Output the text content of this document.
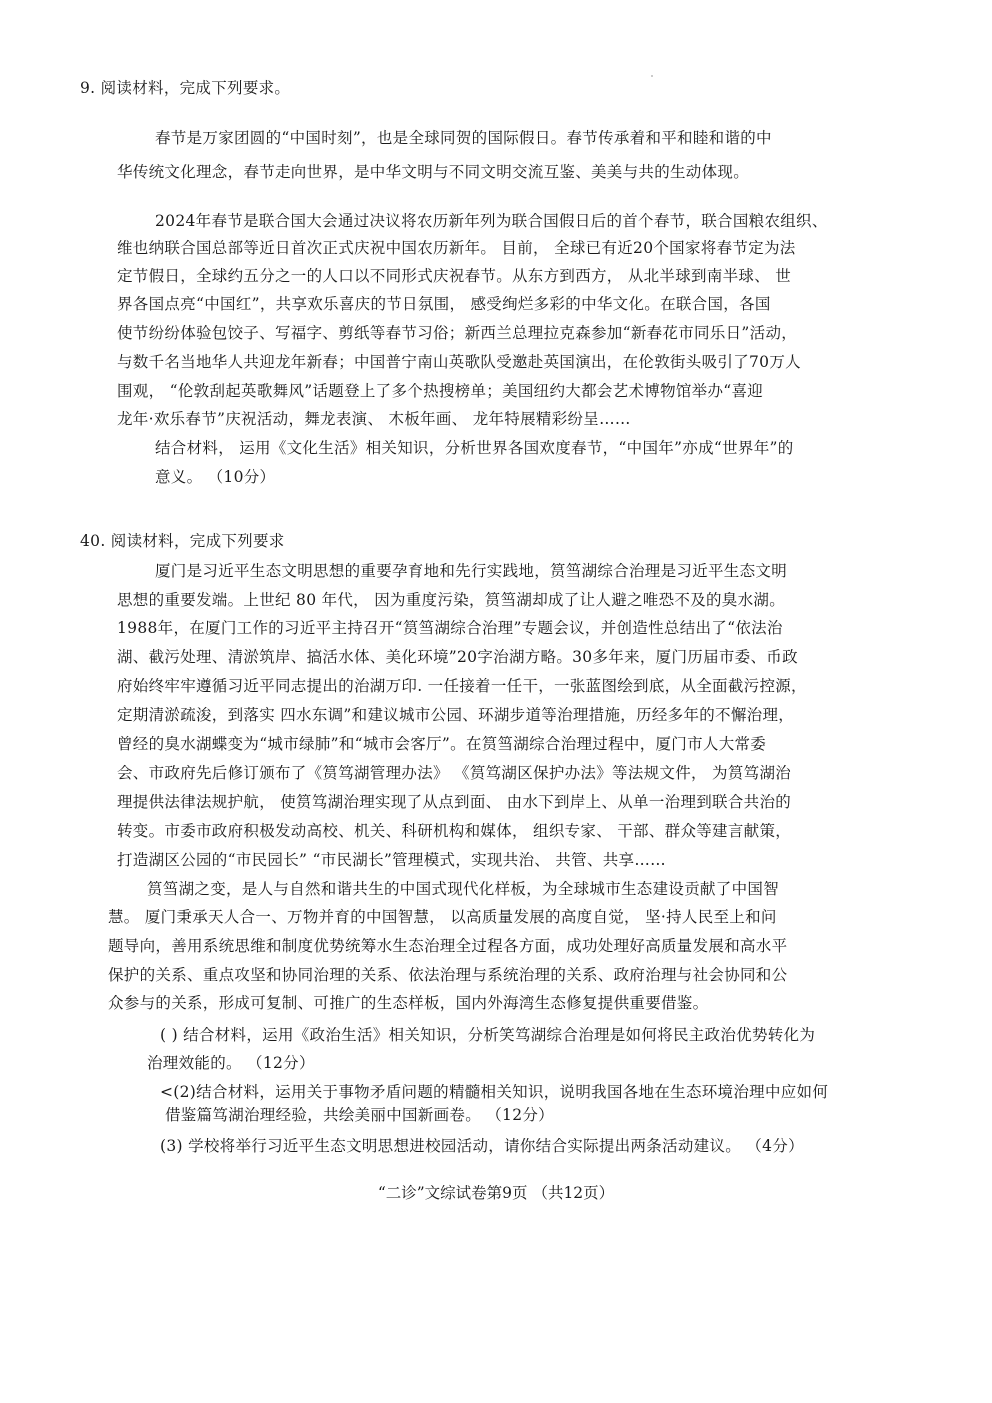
9. 阅读材料，完成下列要求。
春节是万家团圆的“中国时刻”，也是全球同贺的国际假日。春节传承着和平和睦和谐的中
华传统文化理念，春节走向世界，是中华文明与不同文明交流互鉴、美美与共的生动体现。
2024年春节是联合国大会通过决议将农历新年列为联合国假日后的首个春节，联合国粮农组织、
维也纳联合国总部等近日首次正式庆祝中国农历新年。 目前， 全球已有近20个国家将春节定为法
定节假日，全球约五分之一的人口以不同形式庆祝春节。从东方到西方， 从北半球到南半球、 世
界各国点亮“中国红”，共享欢乐喜庆的节日氛围， 感受绚烂多彩的中华文化。在联合国，各国
使节纷纷体验包饺子、写福字、剪纸等春节习俗；新西兰总理拉克森参加“新春花市同乐日”活动，
与数千名当地华人共迎龙年新春；中国普宁南山英歌队受邀赴英国演出，在伦敦街头吸引了70万人
围观， “伦敦刮起英歌舞风”话题登上了多个热搜榜单；美国纽约大都会艺术博物馆举办“喜迎
龙年·欢乐春节”庆祝活动，舞龙表演、 木板年画、 龙年特展精彩纷呈……
结合材料， 运用《文化生活》相关知识，分析世界各国欢度春节，“中国年”亦成“世界年”的
意义。 （10分）
40. 阅读材料，完成下列要求
厦门是习近平生态文明思想的重要孕育地和先行实践地，筼筜湖综合治理是习近平生态文明
思想的重要发端。上世纪 80 年代， 因为重度污染，筼筜湖却成了让人避之唯恐不及的臭水湖。
1988年，在厦门工作的习近平主持召开“筼筜湖综合治理”专题会议，并创造性总结出了“依法治
湖、截污处理、清淤筑岸、搞活水体、美化环境”20字治湖方略。30多年来，厦门历届市委、币政
府始终牢牢遵循习近平同志提出的治湖万印. 一任接着一任干，一张蓝图绘到底，从全面截污控源，
定期清淤疏浚，到落实 四水东调”和建议城市公园、环湖步道等治理措施，历经多年的不懈治理，
曾经的臭水湖蝶变为“城市绿肺”和“城市会客厅”。在筼筜湖综合治理过程中，厦门市人大常委
会、市政府先后修订颁布了《筼笃湖管理办法》 《筼笃湖区保护办法》等法规文件， 为筼笃湖治
理提供法律法规护航， 使筼笃湖治理实现了从点到面、 由水下到岸上、从单一治理到联合共治的
转变。市委市政府积极发动高校、机关、科研机构和媒体， 组织专家、 干部、群众等建言献策，
打造湖区公园的“市民园长” “市民湖长”管理模式，实现共治、 共管、共享……
筼筜湖之变，是人与自然和谐共生的中国式现代化样板，为全球城市生态建设贡献了中国智
慧。 厦门秉承天人合一、万物并育的中国智慧， 以高质量发展的高度自觉， 坚·持人民至上和问
题导向，善用系统思维和制度优势统筹水生态治理全过程各方面，成功处理好高质量发展和高水平
保护的关系、重点攻坚和协同治理的关系、依法治理与系统治理的关系、政府治理与社会协同和公
众参与的关系，形成可复制、可推广的生态样板，国内外海湾生态修复提供重要借鉴。
( ) 结合材料，运用《政治生活》相关知识，分析笑笃湖综合治理是如何将民主政治优势转化为
治理效能的。 （12分）
<(2)结合材料，运用关于事物矛盾问题的精髓相关知识，说明我国各地在生态环境治理中应如何
借鉴篇笃湖治理经验，共绘美丽中国新画卷。 （12分）
(3) 学校将举行习近平生态文明思想进校园活动，请你结合实际提出两条活动建议。 （4分）
“二诊”文综试卷第9页 （共12页）
